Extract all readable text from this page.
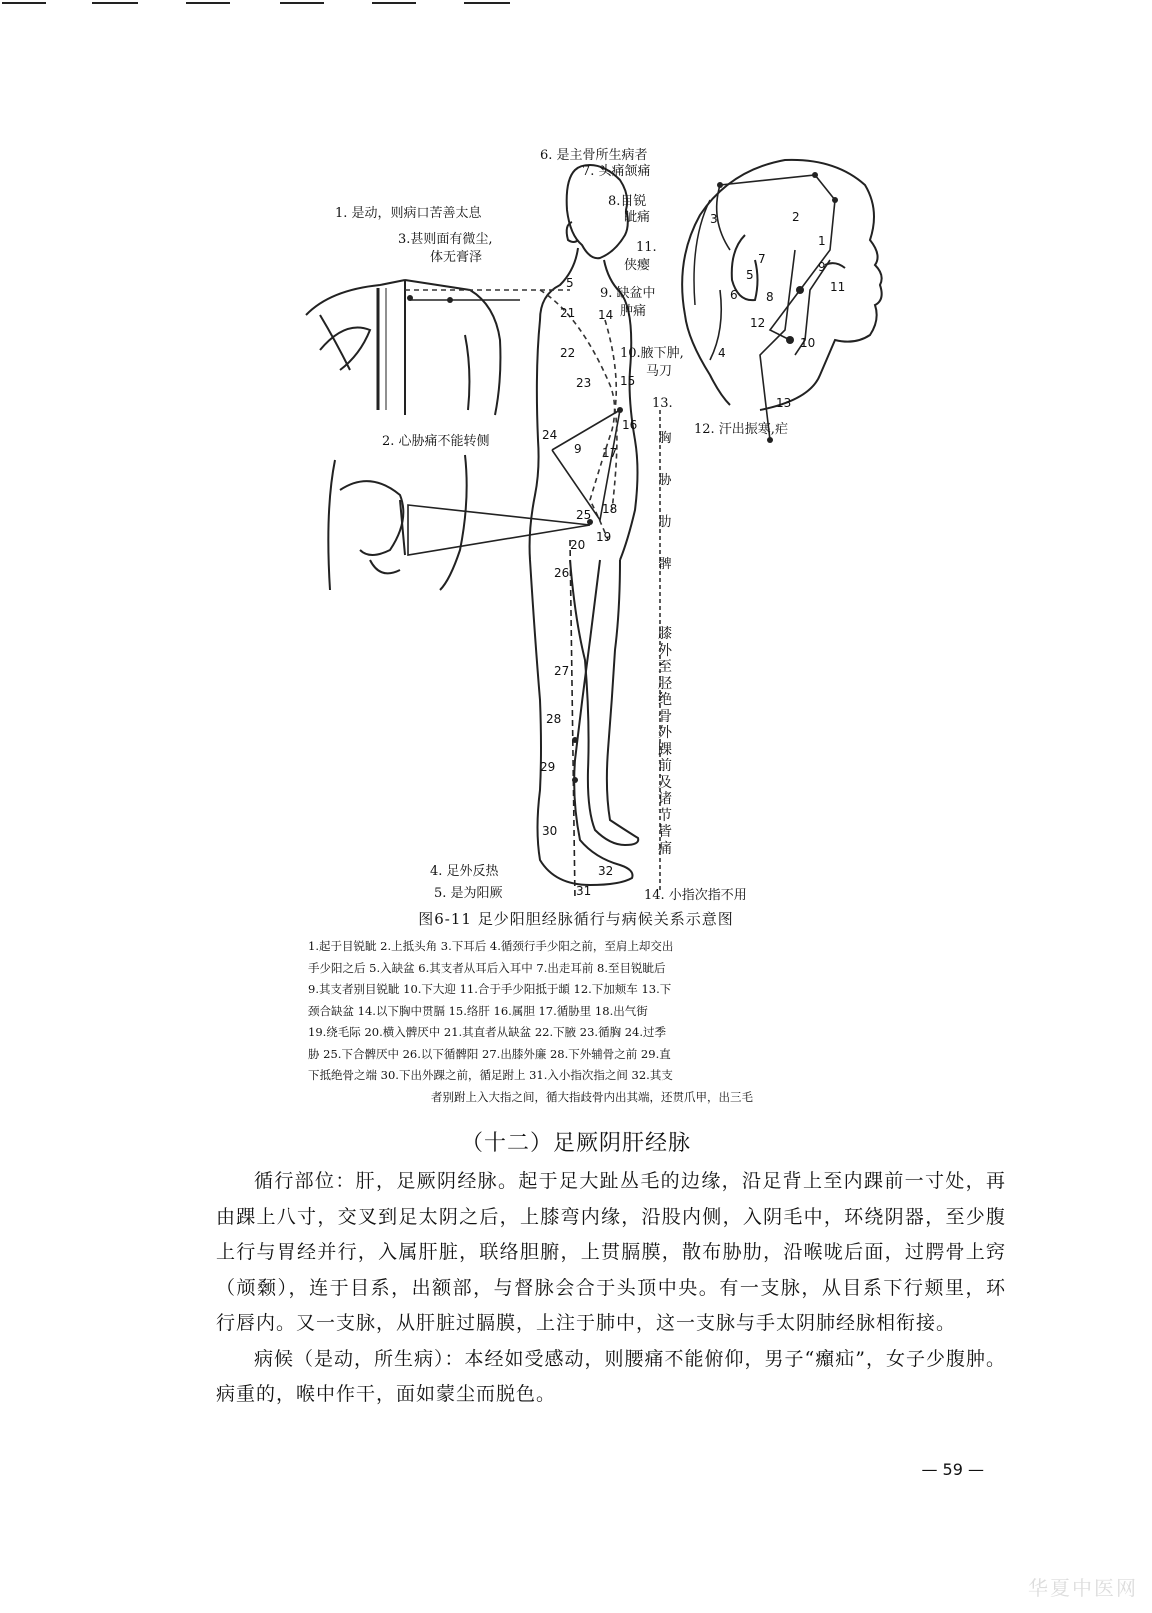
1. 是动，则病口苦善太息
3.甚则面有微尘,
体无膏泽
6. 是主骨所生病者
7. 头痛颔痛
8.目锐
眦痛
11.
侠瘿
9. 缺盆中
肿痛
10.腋下肿,
马刀
13.
胸胁肋髀
2. 心胁痛不能转侧
12. 汗出振寒,疟
膝外至胫绝骨外踝前及诸节皆痛
4. 足外反热
5. 是为阳厥	14. 小指次指不用
5
21 14
22
23 15
16
24
9 17
25 18
20
19
26
27
28
29
30
31
32
3	2
1
7
6
5
8
9
11
12
10
4
13
图6-11 足少阳胆经脉循行与病候关系示意图
1.起于目锐眦 2.上抵头角 3.下耳后 4.循颈行手少阳之前，至肩上却交出
手少阳之后 5.入缺盆 6.其支者从耳后入耳中 7.出走耳前 8.至目锐眦后
9.其支者别目锐眦 10.下大迎 11.合于手少阳抵于䪼 12.下加颊车 13.下
颈合缺盆 14.以下胸中贯膈 15.络肝 16.属胆 17.循胁里 18.出气街
19.绕毛际 20.横入髀厌中 21.其直者从缺盆 22.下腋 23.循胸 24.过季
胁 25.下合髀厌中 26.以下循髀阳 27.出膝外廉 28.下外辅骨之前 29.直
下抵绝骨之端 30.下出外踝之前，循足跗上 31.入小指次指之间 32.其支
者别跗上入大指之间，循大指歧骨内出其端，还贯爪甲，出三毛
（十二）足厥阴肝经脉

循行部位：肝，足厥阴经脉。起于足大趾丛毛的边缘，沿足背上至内踝前一寸处，再由踝上八寸，交叉到足太阴之后，上膝弯内缘，沿股内侧，入阴毛中，环绕阴器，至少腹上行与胃经并行，入属肝脏，联络胆腑，上贯膈膜，散布胁肋，沿喉咙后面，过腭骨上窍（颃颡），连于目系，出额部，与督脉会合于头顶中央。有一支脉，从目系下行颊里，环行唇内。又一支脉，从肝脏过膈膜，上注于肺中，这一支脉与手太阴肺经脉相衔接。

病候（是动，所生病）：本经如受感动，则腰痛不能俯仰，男子“㿗疝”，女子少腹肿。病重的，喉中作干，面如蒙尘而脱色。

— 59 —
华夏中医网
